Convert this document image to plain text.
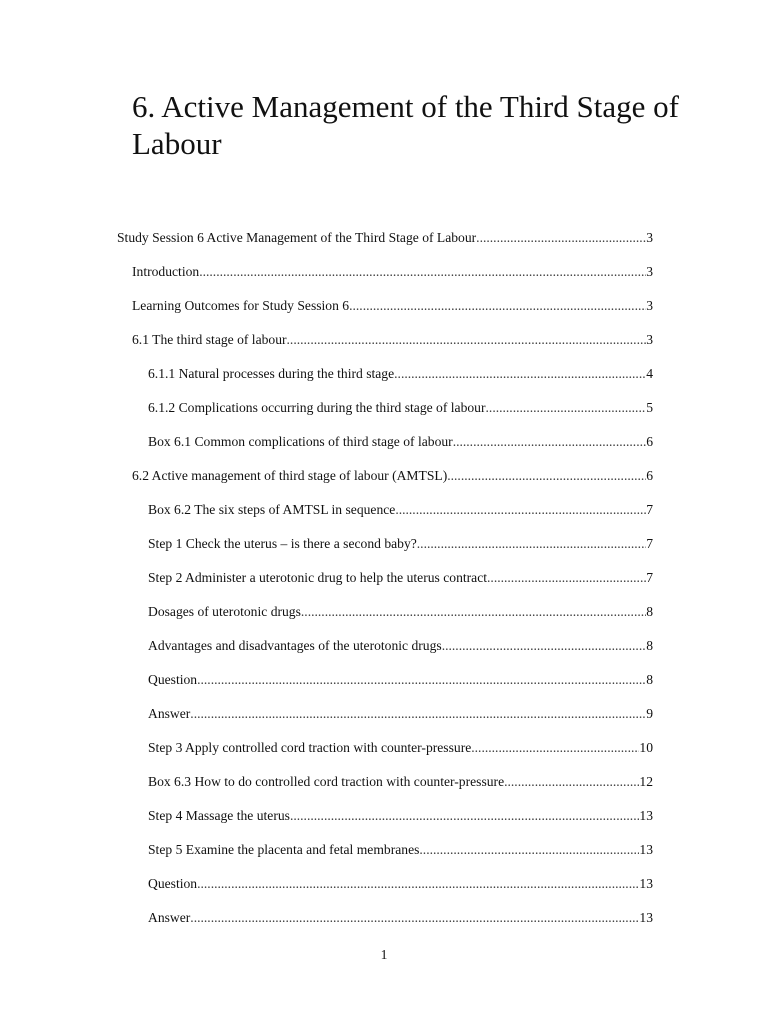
6. Active Management of the Third Stage of Labour
Study Session 6 Active Management of the Third Stage of Labour .....	3
Introduction .....	3
Learning Outcomes for Study Session 6 .....	3
6.1 The third stage of labour .....	3
6.1.1 Natural processes during the third stage .....	4
6.1.2 Complications occurring during the third stage of labour .....	5
Box 6.1 Common complications of third stage of labour .....	6
6.2 Active management of third stage of labour (AMTSL) .....	6
Box 6.2 The six steps of AMTSL in sequence .....	7
Step 1 Check the uterus – is there a second baby? .....	7
Step 2 Administer a uterotonic drug to help the uterus contract .....	7
Dosages of uterotonic drugs .....	8
Advantages and disadvantages of the uterotonic drugs .....	8
Question .....	8
Answer .....	9
Step 3 Apply controlled cord traction with counter-pressure .....	10
Box 6.3 How to do controlled cord traction with counter-pressure .....	12
Step 4 Massage the uterus .....	13
Step 5 Examine the placenta and fetal membranes .....	13
Question .....	13
Answer .....	13
1
